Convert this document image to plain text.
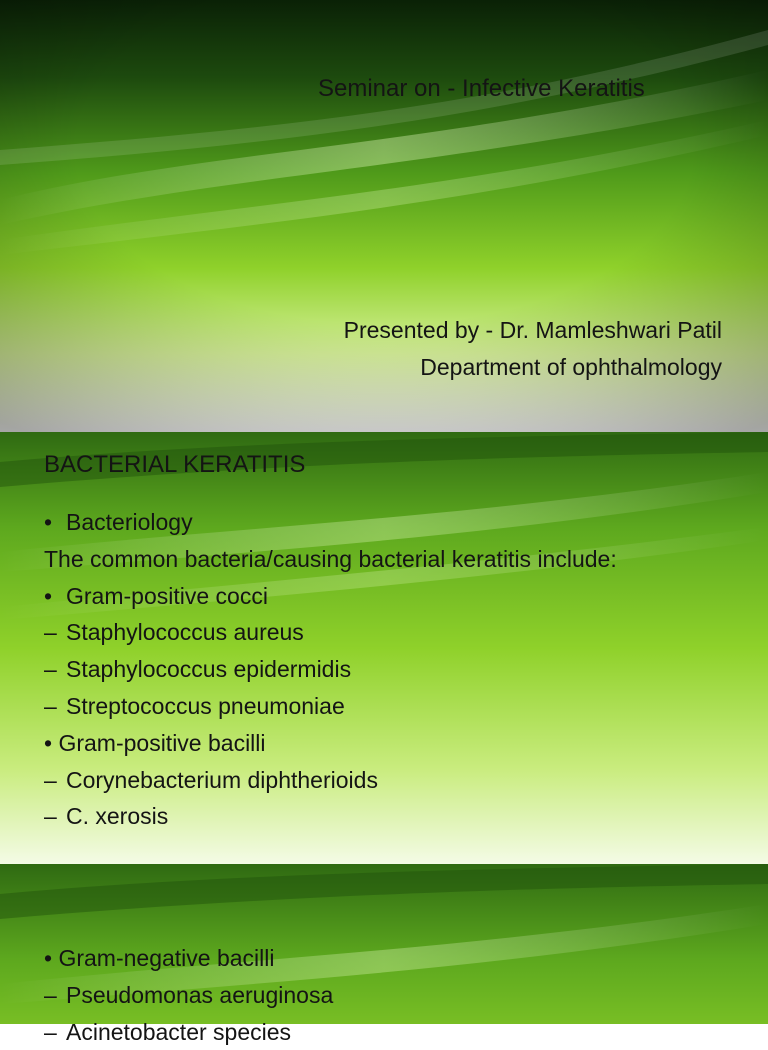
Seminar on - Infective Keratitis
Presented by - Dr. Mamleshwari Patil
Department of ophthalmology
BACTERIAL KERATITIS
• Bacteriology
The common bacteria/causing bacterial keratitis include:
• Gram-positive cocci
– Staphylococcus aureus
– Staphylococcus epidermidis
– Streptococcus pneumoniae
• Gram-positive bacilli
– Corynebacterium diphtherioids
– C. xerosis
• Gram-negative bacilli
– Pseudomonas aeruginosa
– Acinetobacter species
